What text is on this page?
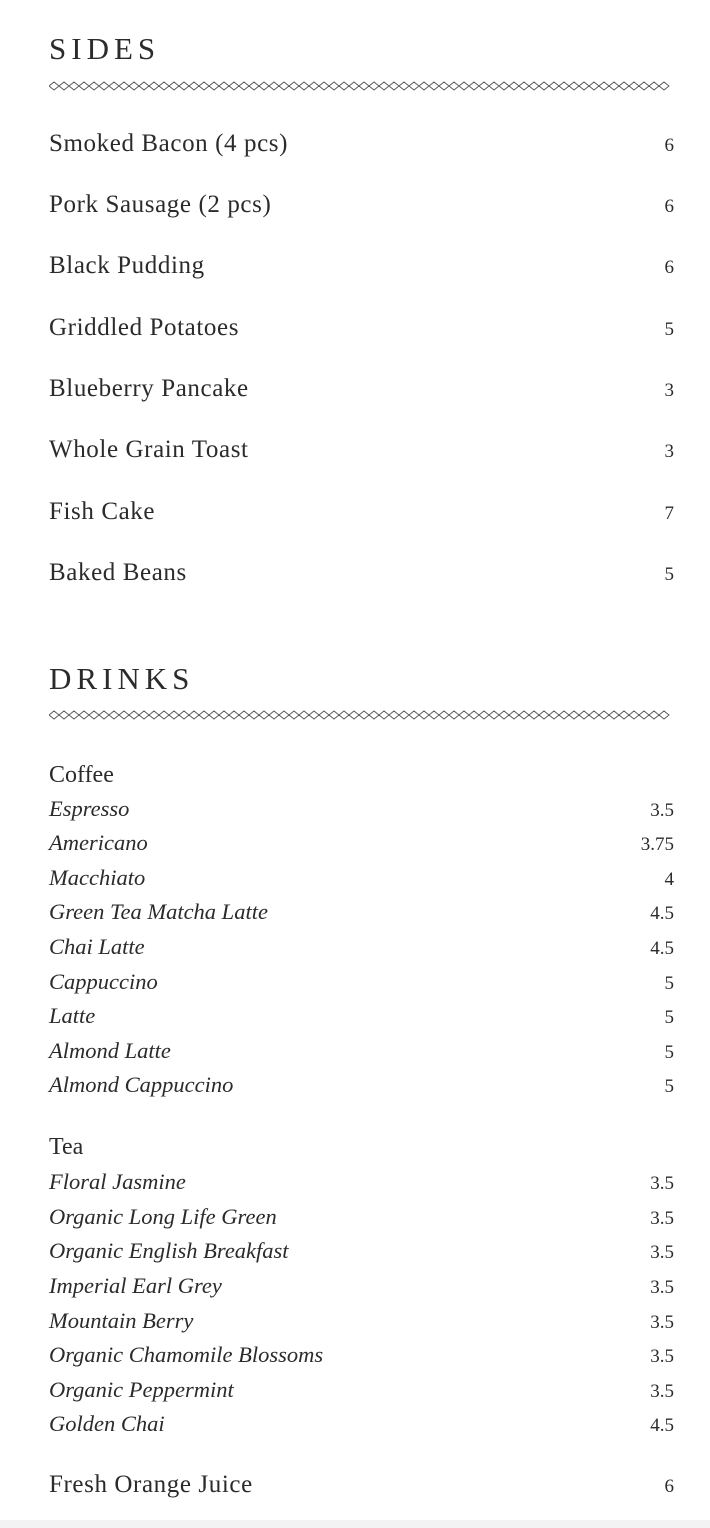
SIDES
Smoked Bacon (4 pcs)	6
Pork Sausage (2 pcs)	6
Black Pudding	6
Griddled Potatoes	5
Blueberry Pancake	3
Whole Grain Toast	3
Fish Cake	7
Baked Beans	5
DRINKS
Coffee
Espresso	3.5
Americano	3.75
Macchiato	4
Green Tea Matcha Latte	4.5
Chai Latte	4.5
Cappuccino	5
Latte	5
Almond Latte	5
Almond Cappuccino	5
Tea
Floral Jasmine	3.5
Organic Long Life Green	3.5
Organic English Breakfast	3.5
Imperial Earl Grey	3.5
Mountain Berry	3.5
Organic Chamomile Blossoms	3.5
Organic Peppermint	3.5
Golden Chai	4.5
Fresh Orange Juice	6
